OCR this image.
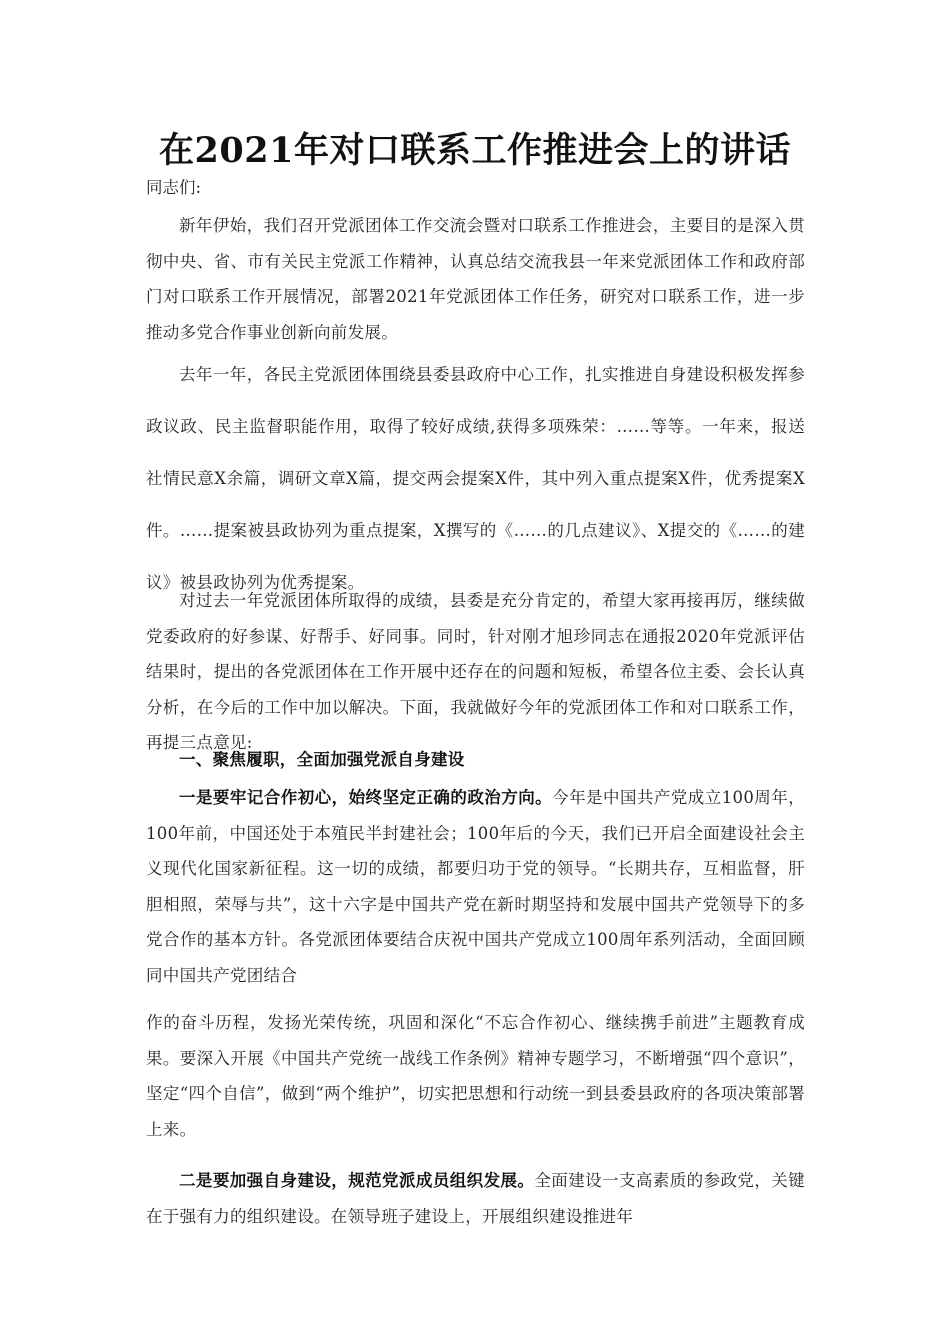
在2021年对口联系工作推进会上的讲话

同志们:

新年伊始，我们召开党派团体工作交流会暨对口联系工作推进会，主要目的是深入贯彻中央、省、市有关民主党派工作精神，认真总结交流我县一年来党派团体工作和政府部门对口联系工作开展情况，部署2021年党派团体工作任务，研究对口联系工作，进一步推动多党合作事业创新向前发展。

去年一年，各民主党派团体围绕县委县政府中心工作，扎实推进自身建设积极发挥参政议政、民主监督职能作用，取得了较好成绩,获得多项殊荣：……等等。一年来，报送社情民意X余篇，调研文章X篇，提交两会提案X件，其中列入重点提案X件，优秀提案X件。……提案被县政协列为重点提案，X撰写的《……的几点建议》、X提交的《……的建议》被县政协列为优秀提案。

对过去一年党派团体所取得的成绩，县委是充分肯定的，希望大家再接再厉，继续做党委政府的好参谋、好帮手、好同事。同时，针对刚才旭珍同志在通报2020年党派评估结果时，提出的各党派团体在工作开展中还存在的问题和短板，希望各位主委、会长认真分析，在今后的工作中加以解决。下面，我就做好今年的党派团体工作和对口联系工作，再提三点意见:

一、聚焦履职，全面加强党派自身建设

一是要牢记合作初心，始终坚定正确的政治方向。今年是中国共产党成立100周年，100年前，中国还处于本殖民半封建社会；100年后的今天，我们已开启全面建设社会主义现代化国家新征程。这一切的成绩，都要归功于党的领导。“长期共存，互相监督，肝胆相照，荣辱与共”，这十六字是中国共产党在新时期坚持和发展中国共产党领导下的多党合作的基本方针。各党派团体要结合庆祝中国共产党成立100周年系列活动，全面回顾同中国共产党团结合
作的奋斗历程，发扬光荣传统，巩固和深化“不忘合作初心、继续携手前进”主题教育成果。要深入开展《中国共产党统一战线工作条例》精神专题学习，不断增强“四个意识”，坚定“四个自信”，做到“两个维护”，切实把思想和行动统一到县委县政府的各项决策部署上来。

二是要加强自身建设，规范党派成员组织发展。全面建设一支高素质的参政党，关键在于强有力的组织建设。在领导班子建设上，开展组织建设推进年
